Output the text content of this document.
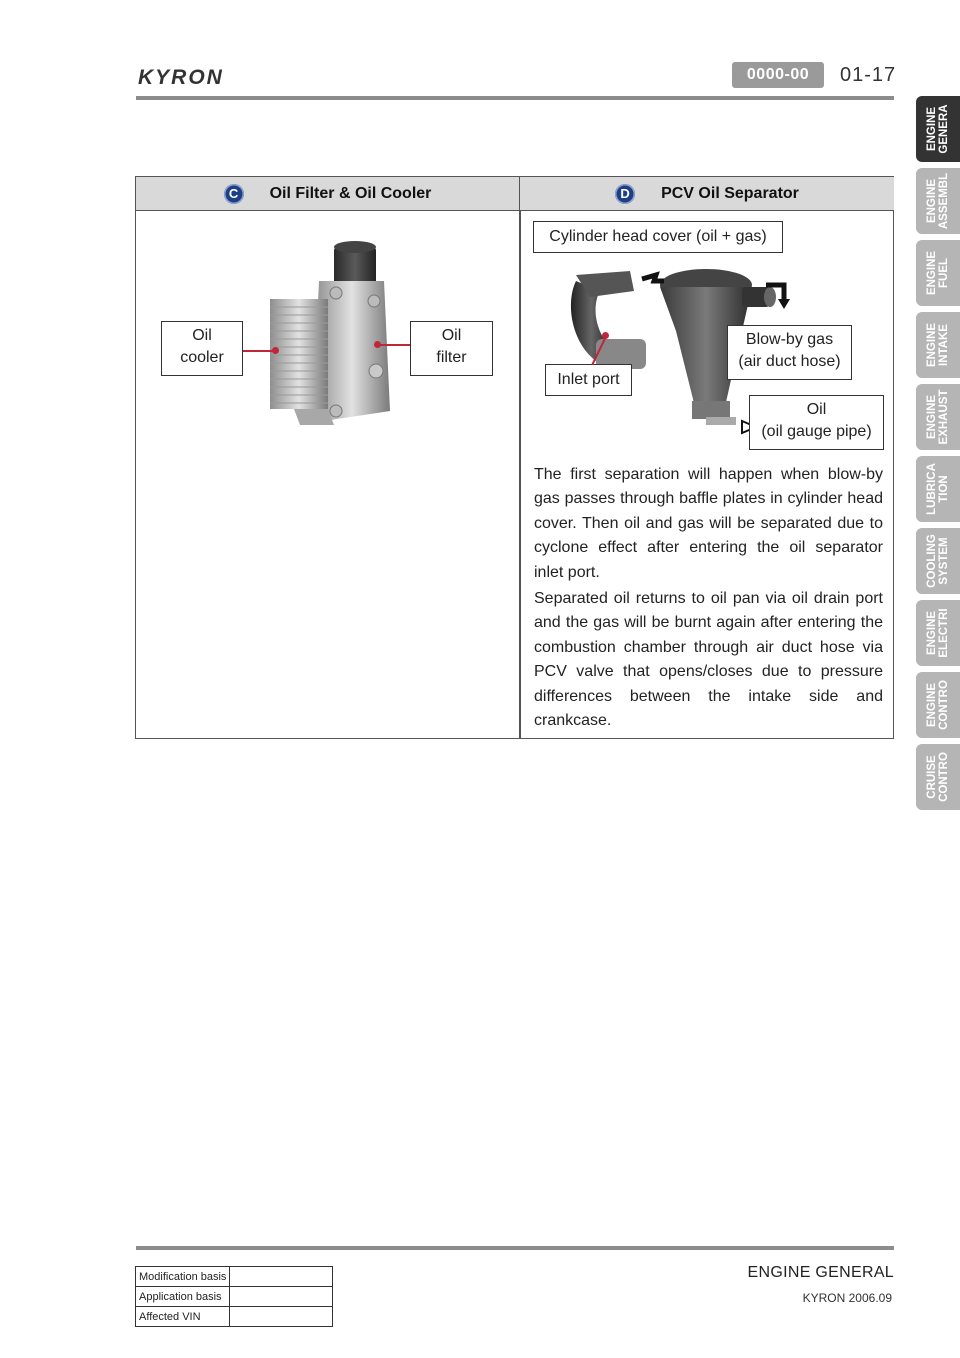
KYRON	0000-00	01-17
ENGINE
GENERA
ENGINE
ASSEMBL
ENGINE
FUEL
ENGINE
INTAKE
ENGINE
EXHAUST
LUBRICA
TION
COOLING
SYSTEM
ENGINE
ELECTRI
ENGINE
CONTRO
CRUISE
CONTRO
C	Oil Filter & Oil Cooler	D	PCV Oil Separator
Oil
cooler
Oil
filter
Cylinder head cover (oil + gas)
Inlet port
Blow-by gas
(air duct hose)
Oil
(oil gauge pipe)

The first separation will happen when blow-by gas passes through baffle plates in cylinder head cover. Then oil and gas will be separated due to cyclone effect after entering the oil separator inlet port.

Separated oil returns to oil pan via oil drain port and the gas will be burnt again after entering the combustion chamber through air duct hose via PCV valve that opens/closes due to pressure differences between the intake side and crankcase.

ENGINE GENERAL
KYRON 2006.09
Modification basis	
Application basis	
Affected VIN	
